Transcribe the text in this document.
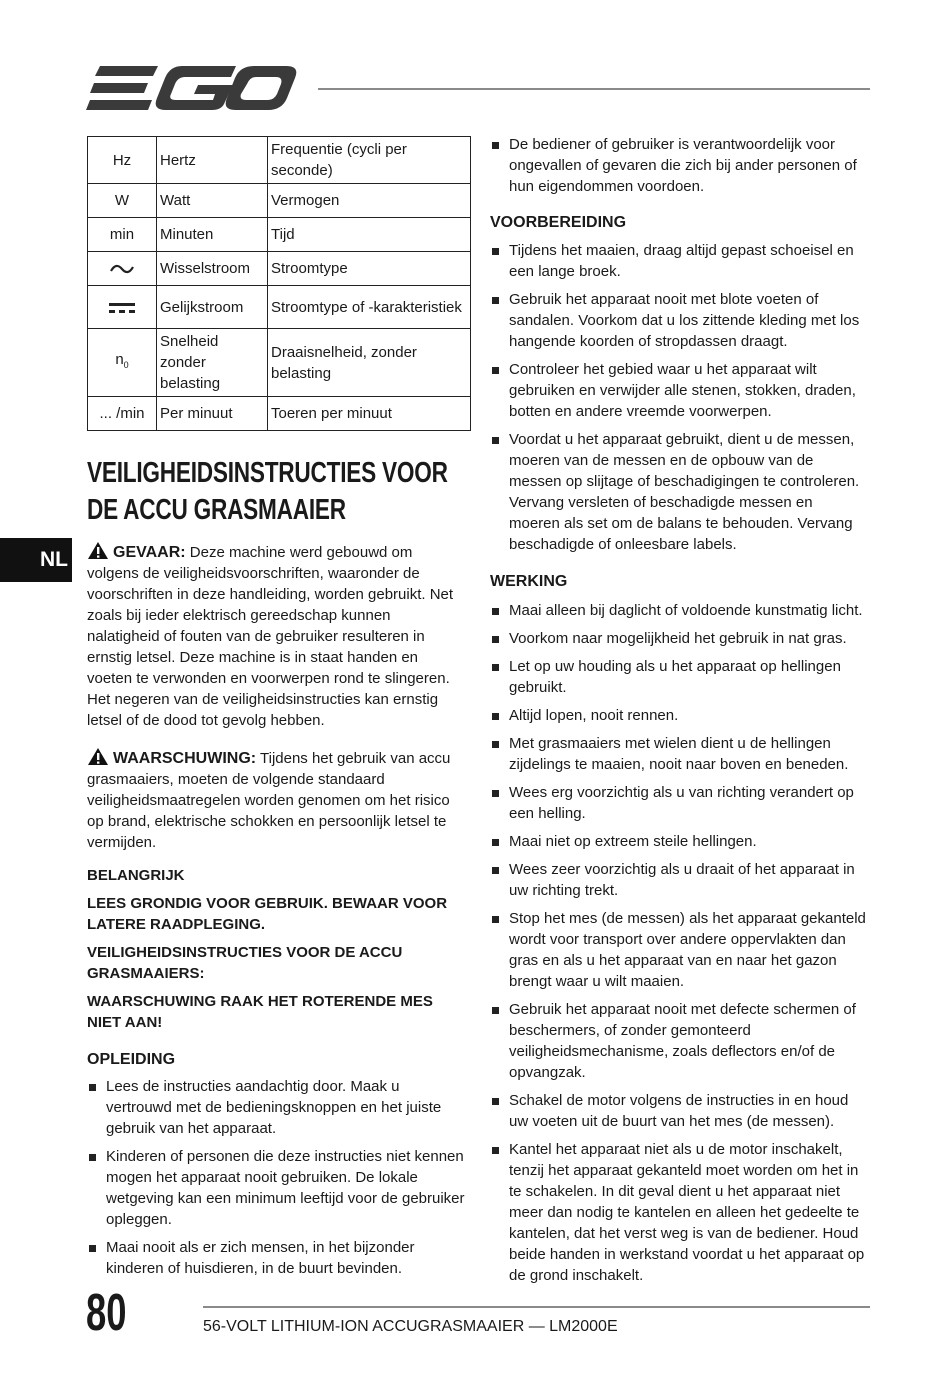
Hz	Hertz	Frequentie (cycli per seconde)
W	Watt	Vermogen
min	Minuten	Tijd
	Wisselstroom	Stroomtype
	Gelijkstroom	Stroomtype of -karakteristiek
$n_0$	Snelheid zonder belasting	Draaisnelheid, zonder belasting
... /min	Per minuut	Toeren per minuut
NL
VEILIGHEIDSINSTRUCTIES VOOR DE ACCU GRASMAAIER
GEVAAR: Deze machine werd gebouwd om volgens de veiligheidsvoorschriften, waaronder de voorschriften in deze handleiding, worden gebruikt. Net zoals bij ieder elektrisch gereedschap kunnen nalatigheid of fouten van de gebruiker resulteren in ernstig letsel. Deze machine is in staat handen en voeten te verwonden en voorwerpen rond te slingeren. Het negeren van de veiligheidsinstructies kan ernstig letsel of de dood tot gevolg hebben.
WAARSCHUWING: Tijdens het gebruik van accu grasmaaiers, moeten de volgende standaard veiligheidsmaatregelen worden genomen om het risico op brand, elektrische schokken en persoonlijk letsel te vermijden.
BELANGRIJK
LEES GRONDIG VOOR GEBRUIK. BEWAAR VOOR LATERE RAADPLEGING.
VEILIGHEIDSINSTRUCTIES VOOR DE ACCU GRASMAAIERS:
WAARSCHUWING RAAK HET ROTERENDE MES NIET AAN!
OPLEIDING
Lees de instructies aandachtig door. Maak u vertrouwd met de bedieningsknoppen en het juiste gebruik van het apparaat.
Kinderen of personen die deze instructies niet kennen mogen het apparaat nooit gebruiken. De lokale wetgeving kan een minimum leeftijd voor de gebruiker opleggen.
Maai nooit als er zich mensen, in het bijzonder kinderen of huisdieren, in de buurt bevinden.
De bediener of gebruiker is verantwoordelijk voor ongevallen of gevaren die zich bij ander personen of hun eigendommen voordoen.
VOORBEREIDING
Tijdens het maaien, draag altijd gepast schoeisel en een lange broek.
Gebruik het apparaat nooit met blote voeten of sandalen. Voorkom dat u los zittende kleding met los hangende koorden of stropdassen draagt.
Controleer het gebied waar u het apparaat wilt gebruiken en verwijder alle stenen, stokken, draden, botten en andere vreemde voorwerpen.
Voordat u het apparaat gebruikt, dient u de messen, moeren van de messen en de opbouw van de messen op slijtage of beschadigingen te controleren. Vervang versleten of beschadigde messen en moeren als set om de balans te behouden. Vervang beschadigde of onleesbare labels.
WERKING
Maai alleen bij daglicht of voldoende kunstmatig licht.
Voorkom naar mogelijkheid het gebruik in nat gras.
Let op uw houding als u het apparaat op hellingen gebruikt.
Altijd lopen, nooit rennen.
Met grasmaaiers met wielen dient u de hellingen zijdelings te maaien, nooit naar boven en beneden.
Wees erg voorzichtig als u van richting verandert op een helling.
Maai niet op extreem steile hellingen.
Wees zeer voorzichtig als u draait of het apparaat in uw richting trekt.
Stop het mes (de messen) als het apparaat gekanteld wordt voor transport over andere oppervlakten dan gras en als u het apparaat van en naar het gazon brengt waar u wilt maaien.
Gebruik het apparaat nooit met defecte schermen of beschermers, of zonder gemonteerd veiligheidsmechanisme, zoals deflectors en/of de opvangzak.
Schakel de motor volgens de instructies in en houd uw voeten uit de buurt van het mes (de messen).
Kantel het apparaat niet als u de motor inschakelt, tenzij het apparaat gekanteld moet worden om het in te schakelen. In dit geval dient u het apparaat niet meer dan nodig te kantelen en alleen het gedeelte te kantelen, dat het verst weg is van de bediener. Houd beide handen in werkstand voordat u het apparaat op de grond inschakelt.
80	56-VOLT LITHIUM-ION ACCUGRASMAAIER — LM2000E
